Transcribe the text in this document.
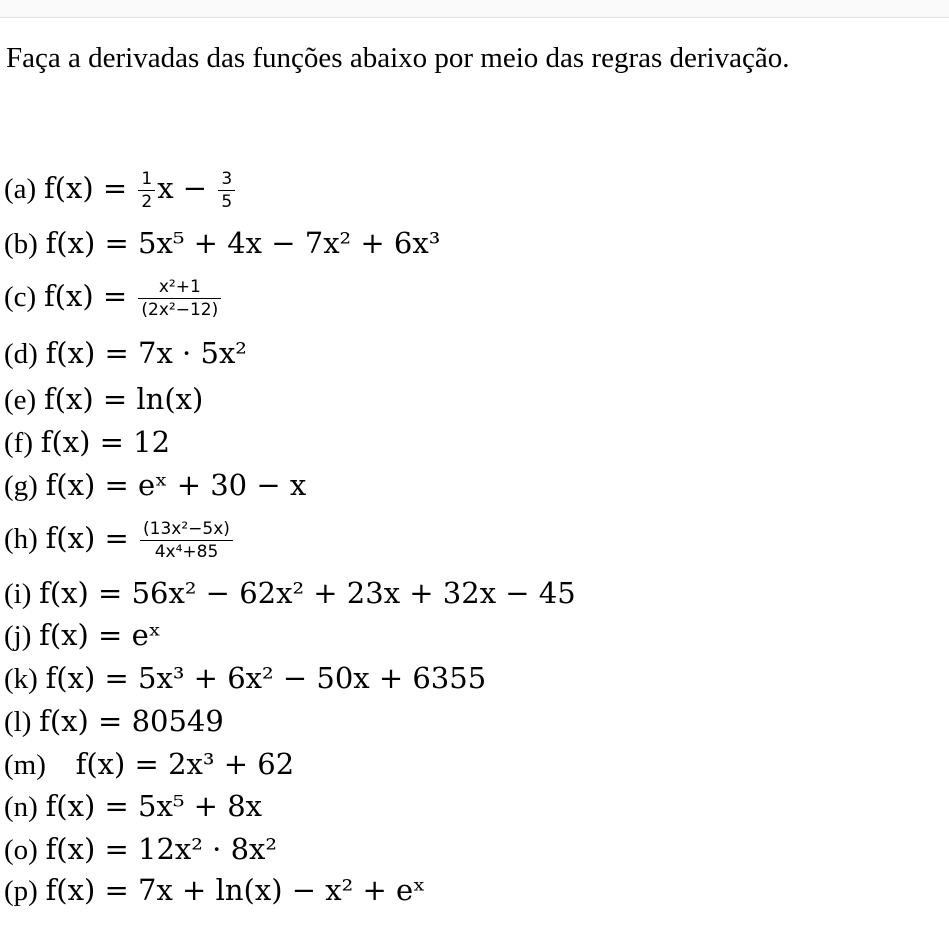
Faça a derivadas das funções abaixo por meio das regras derivação.
(a) $f(x) = \frac{1}{2}$ $x - \frac{3}{5}$
(b) f(x) = 5x⁵ + 4x − 7x² + 6x³
(c) $f(x) = \frac{\text{x²+1}}{\text{(2x²−12)}}$
(d) f(x) = 7x · 5x²
(e) f(x) = ln(x)
(f) f(x) = 12
(g) f(x) = eˣ + 30 − x
(h) $f(x) = \frac{\text{(13x²−5x)}}{\text{4x⁴+85}}$
(i) f(x) = 56x² − 62x² + 23x + 32x − 45
(j) f(x) = eˣ
(k) f(x) = 5x³ + 6x² − 50x + 6355
(l) f(x) = 80549
(m) f(x) = 2x³ + 62
(n) f(x) = 5x⁵ + 8x
(o) f(x) = 12x² · 8x²
(p) f(x) = 7x + ln(x) − x² + eˣ
